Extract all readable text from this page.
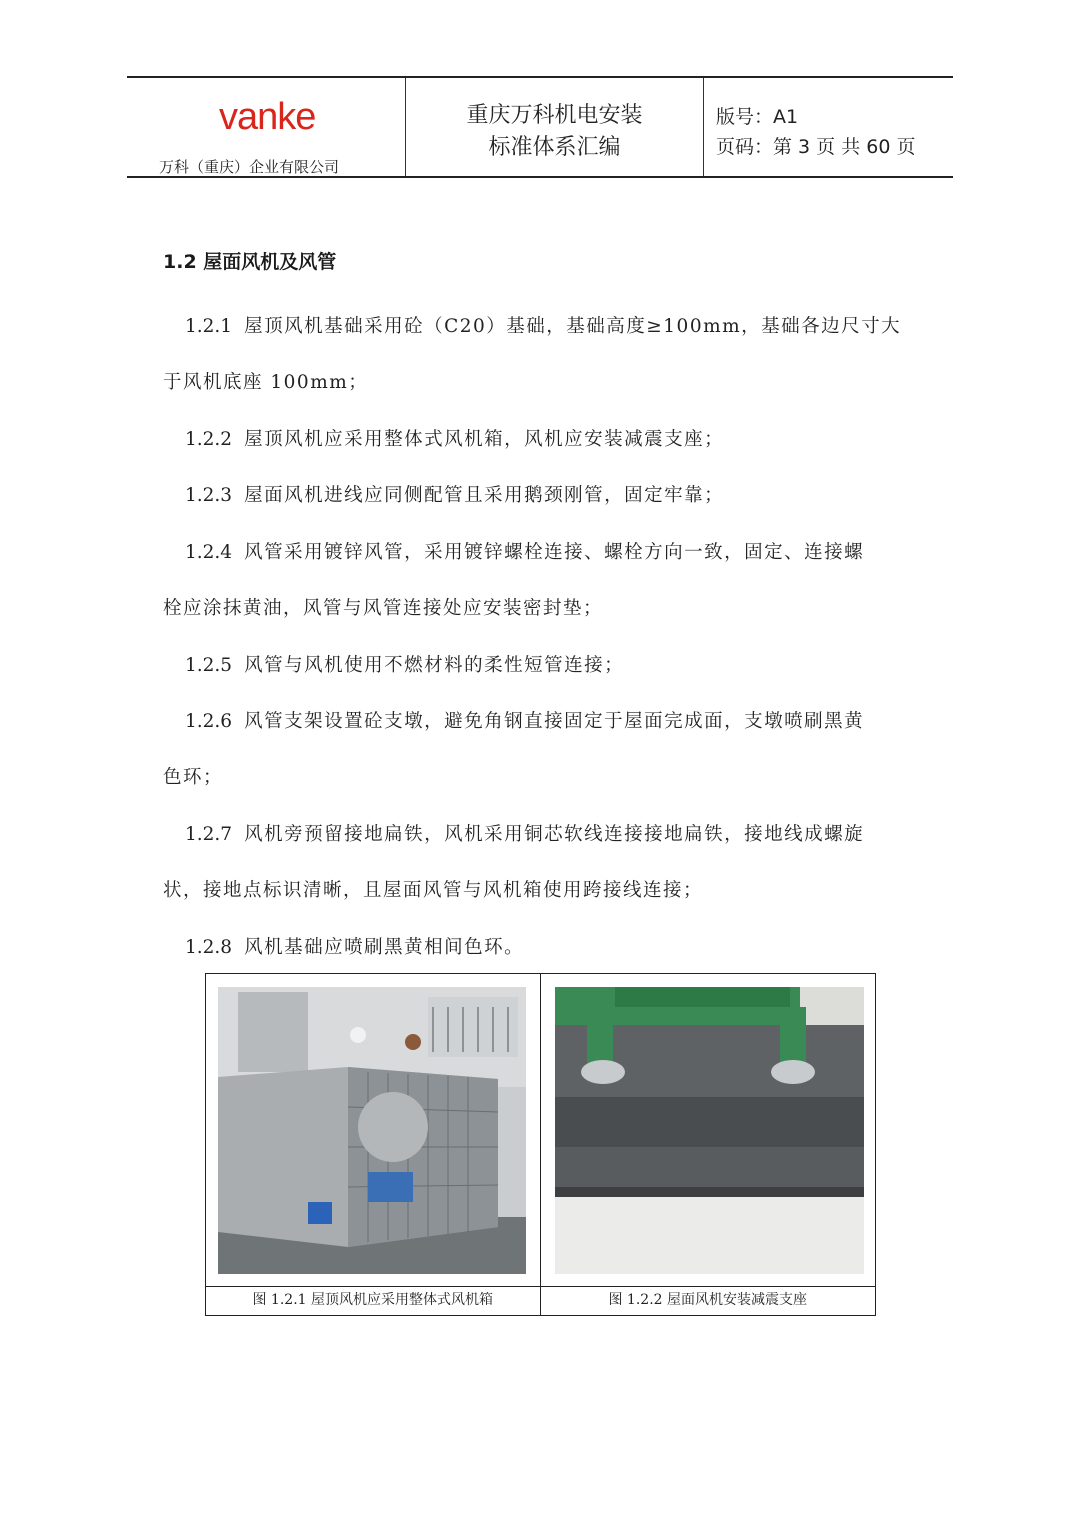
vanke
万科（重庆）企业有限公司
重庆万科机电安装
标准体系汇编
版号：A1
页码：第 3 页 共 60 页
1.2 屋面风机及风管
1.2.1 屋顶风机基础采用砼（C20）基础，基础高度≥100mm，基础各边尺寸大
于风机底座 100mm；
1.2.2 屋顶风机应采用整体式风机箱，风机应安装减震支座；
1.2.3 屋面风机进线应同侧配管且采用鹅颈刚管，固定牢靠；
1.2.4 风管采用镀锌风管，采用镀锌螺栓连接、螺栓方向一致，固定、连接螺
栓应涂抹黄油，风管与风管连接处应安装密封垫；
1.2.5 风管与风机使用不燃材料的柔性短管连接；
1.2.6 风管支架设置砼支墩，避免角钢直接固定于屋面完成面，支墩喷刷黑黄
色环；
1.2.7 风机旁预留接地扁铁，风机采用铜芯软线连接接地扁铁，接地线成螺旋
状，接地点标识清晰，且屋面风管与风机箱使用跨接线连接；
1.2.8 风机基础应喷刷黑黄相间色环。
图 1.2.1 屋顶风机应采用整体式风机箱	图 1.2.2 屋面风机安装减震支座
